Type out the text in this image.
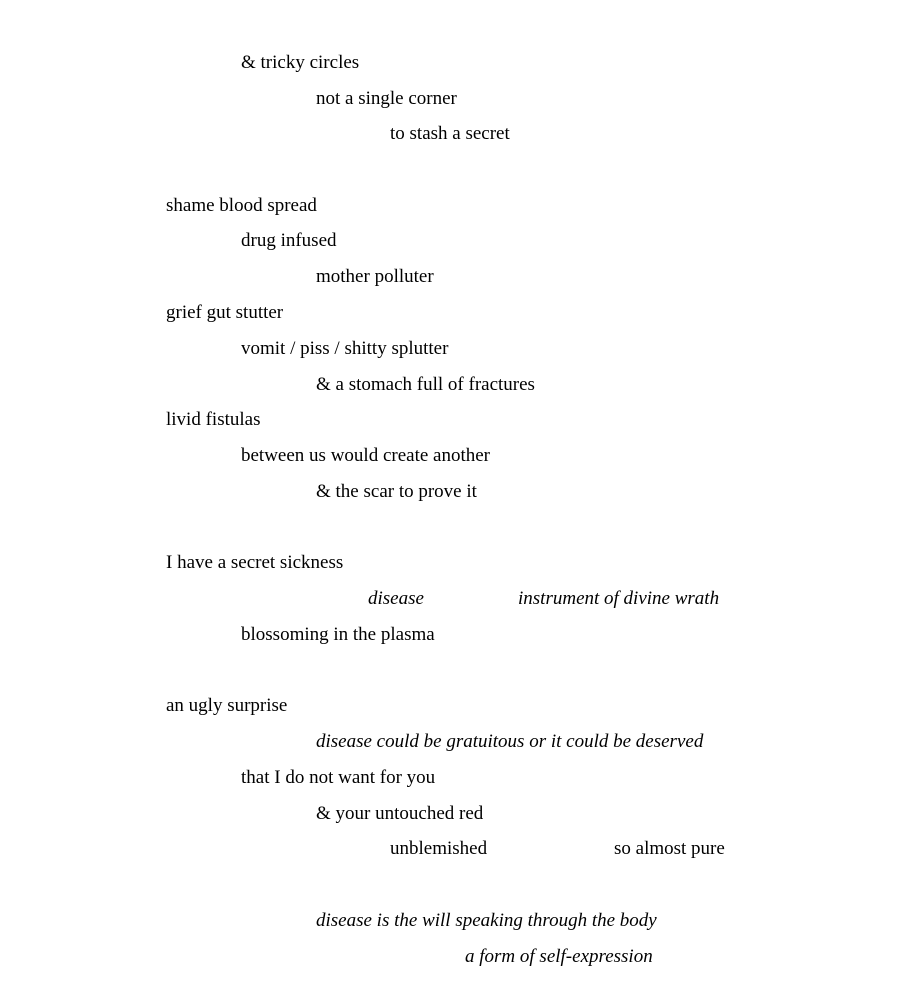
& tricky circles
not a single corner
to stash a secret
shame blood spread
drug infused
mother polluter
grief gut stutter
vomit / piss / shitty splutter
& a stomach full of fractures
livid fistulas
between us would create another
& the scar to prove it
I have a secret sickness
disease	instrument of divine wrath
blossoming in the plasma
an ugly surprise
disease could be gratuitous or it could be deserved
that I do not want for you
& your untouched red
unblemished	so almost pure
disease is the will speaking through the body
a form of self-expression
